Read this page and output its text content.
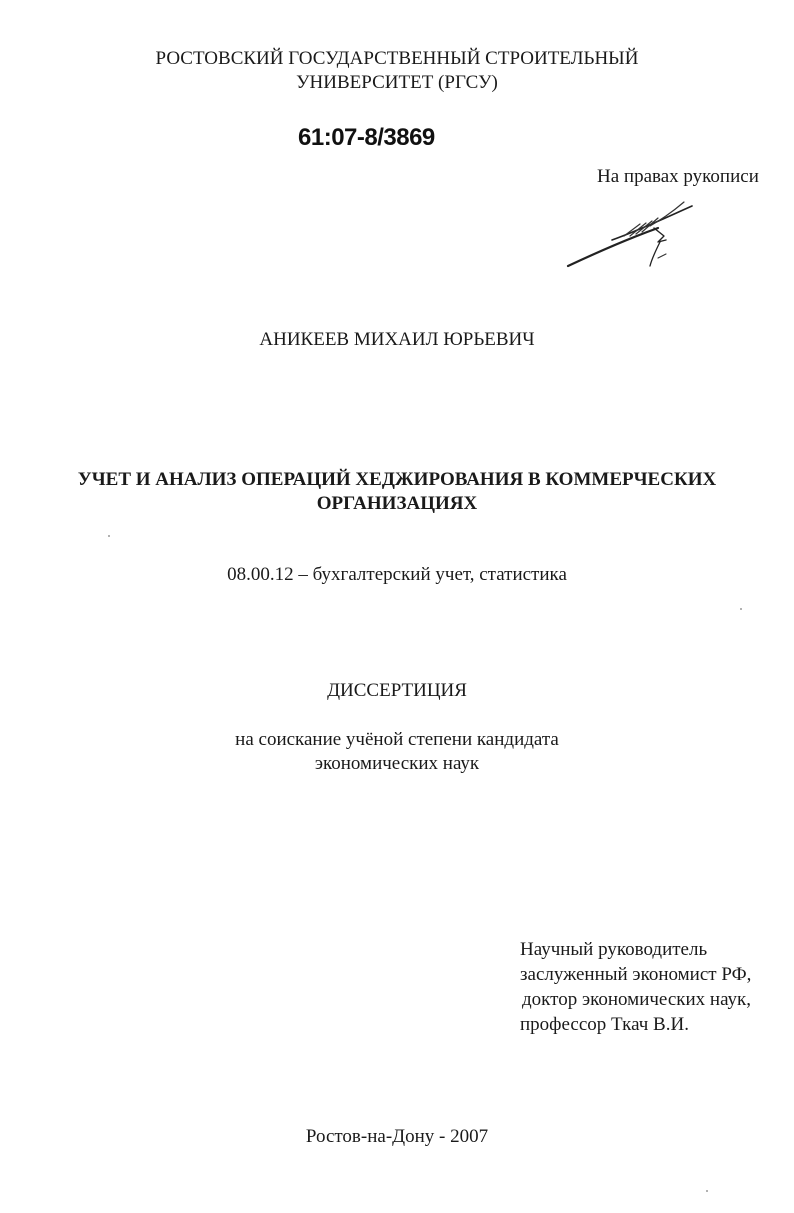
РОСТОВСКИЙ ГОСУДАРСТВЕННЫЙ СТРОИТЕЛЬНЫЙ
УНИВЕРСИТЕТ (РГСУ)
61:07-8/3869
На правах рукописи
АНИКЕЕВ МИХАИЛ ЮРЬЕВИЧ
УЧЕТ И АНАЛИЗ ОПЕРАЦИЙ ХЕДЖИРОВАНИЯ В КОММЕРЧЕСКИХ
ОРГАНИЗАЦИЯХ
08.00.12 – бухгалтерский учет, статистика
ДИССЕРТИЦИЯ
на соискание учёной степени кандидата
экономических наук
Научный руководитель
заслуженный экономист РФ,
доктор экономических наук,
профессор Ткач В.И.
Ростов-на-Дону - 2007
